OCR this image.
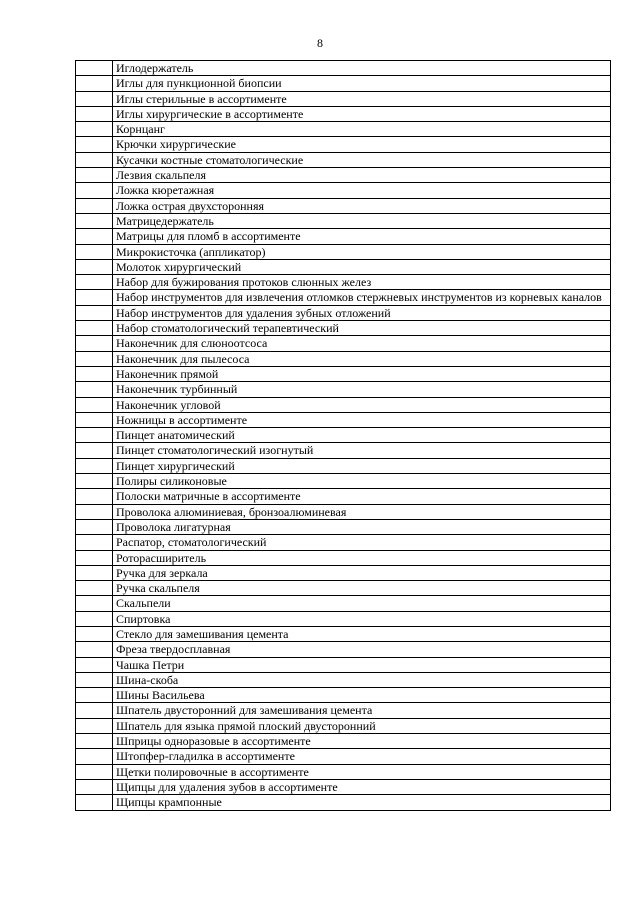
8
	Иглодержатель
	Иглы для пункционной биопсии
	Иглы стерильные в ассортименте
	Иглы хирургические в ассортименте
	Корнцанг
	Крючки хирургические
	Кусачки костные стоматологические
	Лезвия скальпеля
	Ложка кюретажная
	Ложка острая двухсторонняя
	Матрицедержатель
	Матрицы для пломб в ассортименте
	Микрокисточка (аппликатор)
	Молоток хирургический
	Набор для бужирования протоков слюнных желез
	Набор инструментов для извлечения отломков стержневых инструментов из корневых каналов
	Набор инструментов для удаления зубных отложений
	Набор стоматологический терапевтический
	Наконечник для слюноотсоса
	Наконечник для пылесоса
	Наконечник прямой
	Наконечник турбинный
	Наконечник угловой
	Ножницы в ассортименте
	Пинцет анатомический
	Пинцет стоматологический изогнутый
	Пинцет хирургический
	Полиры силиконовые
	Полоски матричные в ассортименте
	Проволока алюминиевая, бронзоалюминевая
	Проволока лигатурная
	Распатор, стоматологический
	Роторасширитель
	Ручка для зеркала
	Ручка скальпеля
	Скальпели
	Спиртовка
	Стекло для замешивания цемента
	Фреза твердосплавная
	Чашка Петри
	Шина-скоба
	Шины Васильева
	Шпатель двусторонний для замешивания цемента
	Шпатель для языка прямой плоский двусторонний
	Шприцы одноразовые в ассортименте
	Штопфер-гладилка в ассортименте
	Щетки полировочные в ассортименте
	Щипцы для удаления зубов в ассортименте
	Щипцы крампонные
